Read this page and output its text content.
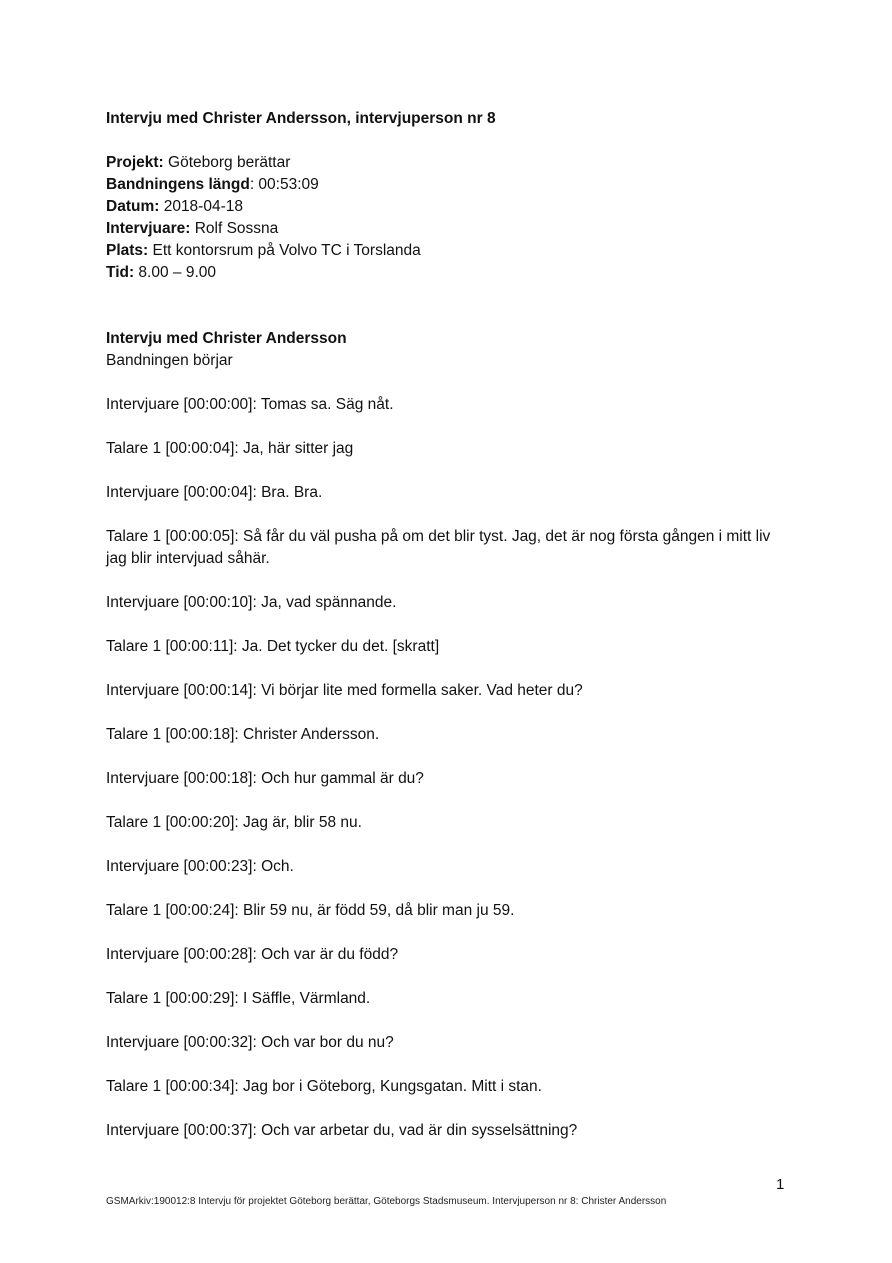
Intervju med Christer Andersson, intervjuperson nr 8

Projekt: Göteborg berättar

Bandningens längd: 00:53:09

Datum: 2018-04-18

Intervjuare: Rolf Sossna

Plats: Ett kontorsrum på Volvo TC i Torslanda

Tid: 8.00 – 9.00

Intervju med Christer Andersson

Bandningen börjar

Intervjuare [00:00:00]: Tomas sa. Säg nåt.

Talare 1 [00:00:04]: Ja, här sitter jag

Intervjuare [00:00:04]: Bra. Bra.

Talare 1 [00:00:05]: Så får du väl pusha på om det blir tyst. Jag, det är nog första gången i mitt liv jag blir intervjuad såhär.

Intervjuare [00:00:10]: Ja, vad spännande.

Talare 1 [00:00:11]: Ja. Det tycker du det. [skratt]

Intervjuare [00:00:14]: Vi börjar lite med formella saker. Vad heter du?

Talare 1 [00:00:18]: Christer Andersson.

Intervjuare [00:00:18]: Och hur gammal är du?

Talare 1 [00:00:20]: Jag är, blir 58 nu.

Intervjuare [00:00:23]: Och.

Talare 1 [00:00:24]: Blir 59 nu, är född 59, då blir man ju 59.

Intervjuare [00:00:28]: Och var är du född?

Talare 1 [00:00:29]: I Säffle, Värmland.

Intervjuare [00:00:32]: Och var bor du nu?

Talare 1 [00:00:34]: Jag bor i Göteborg, Kungsgatan. Mitt i stan.

Intervjuare [00:00:37]: Och var arbetar du, vad är din sysselsättning?

1
GSMArkiv:190012:8 Intervju för projektet Göteborg berättar, Göteborgs Stadsmuseum. Intervjuperson nr 8: Christer Andersson
